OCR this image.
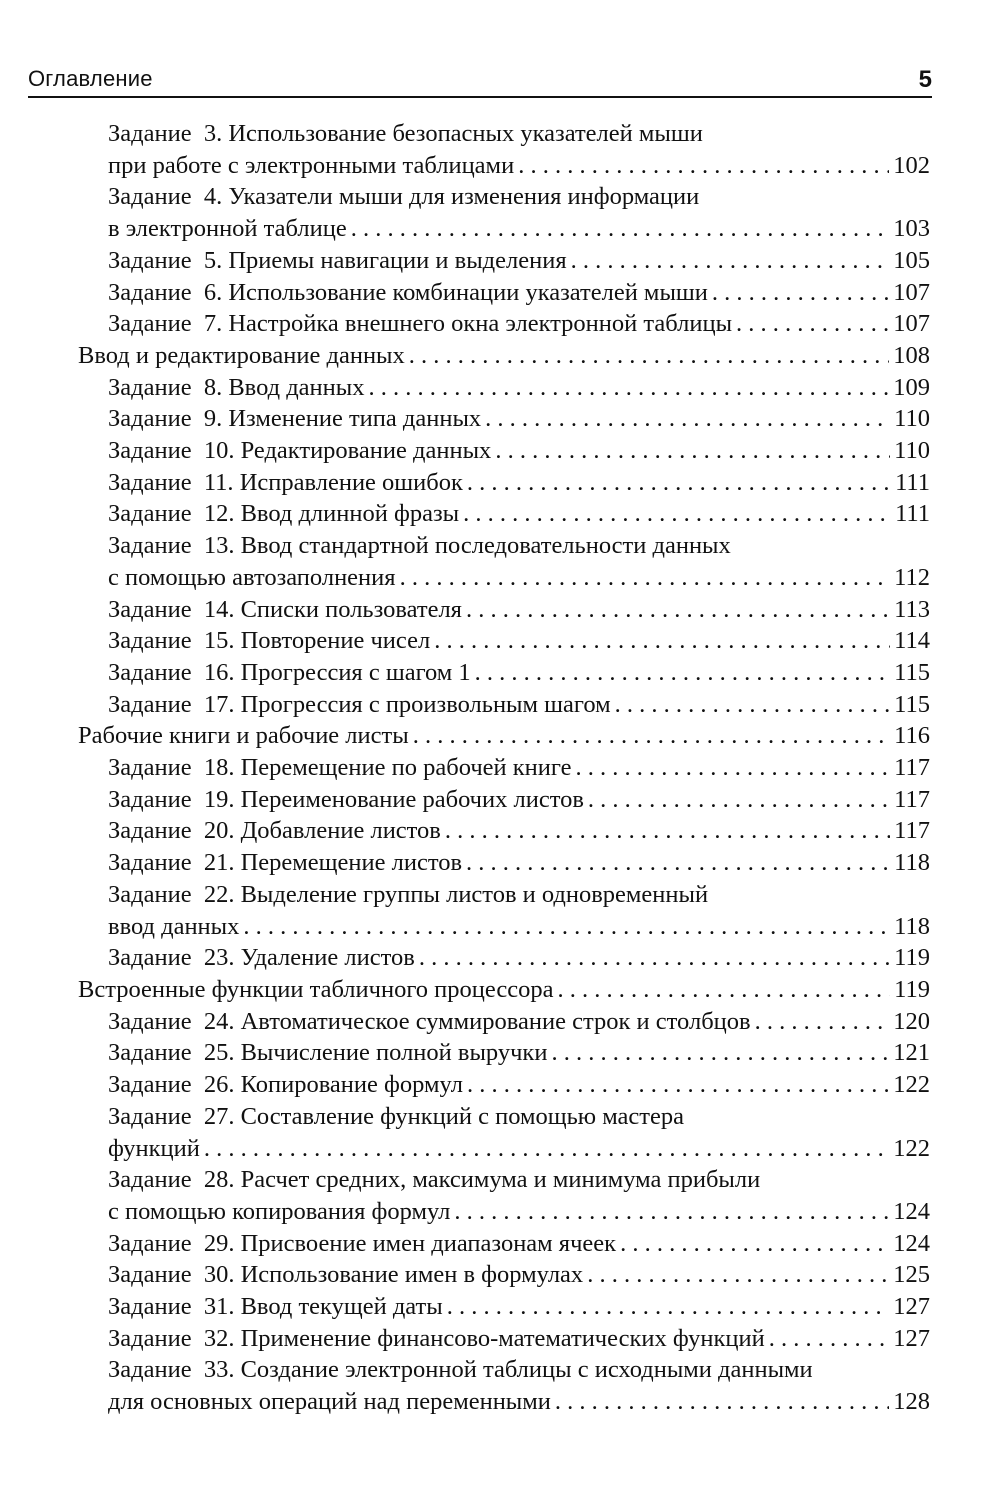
Оглавление	5
Задание 3. Использование безопасных указателей мыши
при работе с электронными таблицами . . .	102
Задание 4. Указатели мыши для изменения информации
в электронной таблице . . .	103
Задание 5. Приемы навигации и выделения . . .	105
Задание 6. Использование комбинации указателей мыши . . .	107
Задание 7. Настройка внешнего окна электронной таблицы . . .	107
Ввод и редактирование данных . . .	108
Задание 8. Ввод данных . . .	109
Задание 9. Изменение типа данных . . .	110
Задание 10. Редактирование данных . . .	110
Задание 11. Исправление ошибок . . .	111
Задание 12. Ввод длинной фразы . . .	111
Задание 13. Ввод стандартной последовательности данных
с помощью автозаполнения . . .	112
Задание 14. Списки пользователя . . .	113
Задание 15. Повторение чисел . . .	114
Задание 16. Прогрессия с шагом 1 . . .	115
Задание 17. Прогрессия с произвольным шагом . . .	115
Рабочие книги и рабочие листы . . .	116
Задание 18. Перемещение по рабочей книге . . .	117
Задание 19. Переименование рабочих листов . . .	117
Задание 20. Добавление листов . . .	117
Задание 21. Перемещение листов . . .	118
Задание 22. Выделение группы листов и одновременный
ввод данных . . .	118
Задание 23. Удаление листов . . .	119
Встроенные функции табличного процессора . . .	119
Задание 24. Автоматическое суммирование строк и столбцов . . .	120
Задание 25. Вычисление полной выручки . . .	121
Задание 26. Копирование формул . . .	122
Задание 27. Составление функций с помощью мастера
функций . . .	122
Задание 28. Расчет средних, максимума и минимума прибыли
с помощью копирования формул . . .	124
Задание 29. Присвоение имен диапазонам ячеек . . .	124
Задание 30. Использование имен в формулах . . .	125
Задание 31. Ввод текущей даты . . .	127
Задание 32. Применение финансово-математических функций . . .	127
Задание 33. Создание электронной таблицы с исходными данными
для основных операций над переменными . . .	128
